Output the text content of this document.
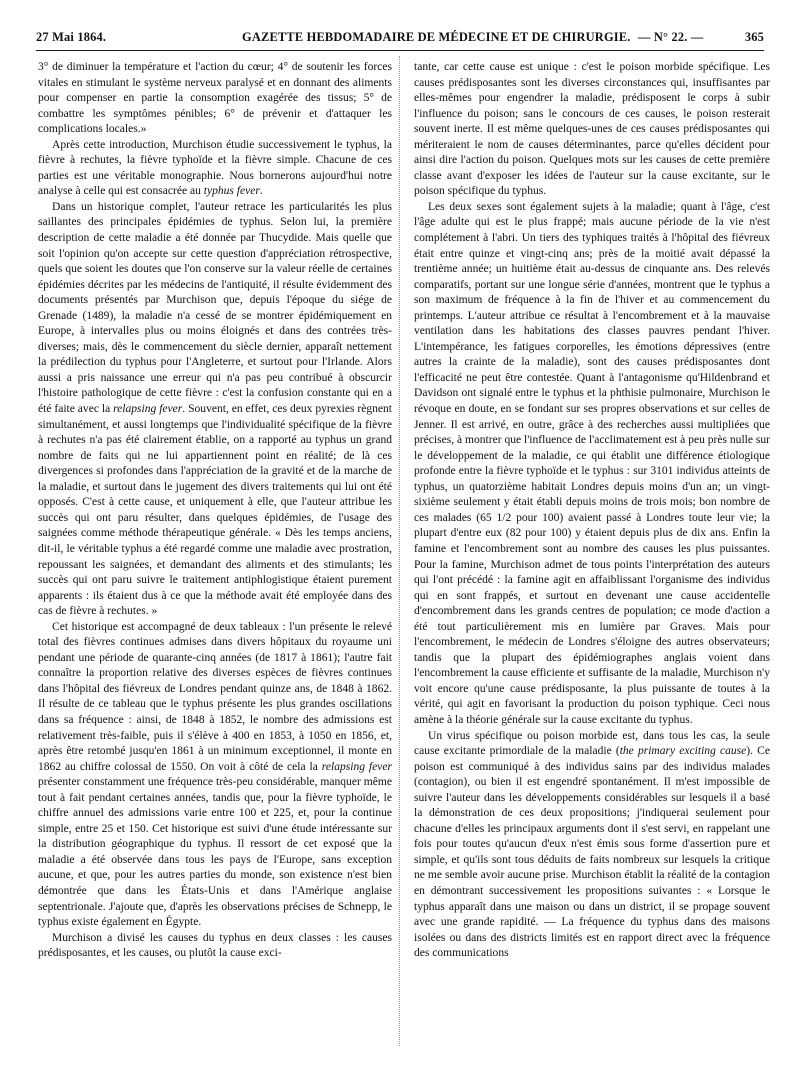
27 Mai 1864.	GAZETTE HEBDOMADAIRE DE MÉDECINE ET DE CHIRURGIE. — N° 22. —	365

3° de diminuer la température et l'action du cœur; 4° de soutenir les forces vitales en stimulant le système nerveux paralysé et en donnant des aliments pour compenser en partie la consomption exagérée des tissus; 5° de combattre les symptômes pénibles; 6° de prévenir et d'attaquer les complications locales.»

Après cette introduction, Murchison étudie successivement le typhus, la fièvre à rechutes, la fièvre typhoïde et la fièvre simple. Chacune de ces parties est une véritable monographie. Nous bornerons aujourd'hui notre analyse à celle qui est consacrée au typhus fever.

Dans un historique complet, l'auteur retrace les particularités les plus saillantes des principales épidémies de typhus. Selon lui, la première description de cette maladie a été donnée par Thucydide. Mais quelle que soit l'opinion qu'on accepte sur cette question d'appréciation rétrospective, quels que soient les doutes que l'on conserve sur la valeur réelle de certaines épidémies décrites par les médecins de l'antiquité, il résulte évidemment des documents présentés par Murchison que, depuis l'époque du siége de Grenade (1489), la maladie n'a cessé de se montrer épidémiquement en Europe, à intervalles plus ou moins éloignés et dans des contrées très-diverses; mais, dès le commencement du siècle dernier, apparaît nettement la prédilection du typhus pour l'Angleterre, et surtout pour l'Irlande. Alors aussi a pris naissance une erreur qui n'a pas peu contribué à obscurcir l'histoire pathologique de cette fièvre : c'est la confusion constante qui en a été faite avec la relapsing fever. Souvent, en effet, ces deux pyrexies règnent simultanément, et aussi longtemps que l'individualité spécifique de la fièvre à rechutes n'a pas été clairement établie, on a rapporté au typhus un grand nombre de faits qui ne lui appartiennent point en réalité; de là ces divergences si profondes dans l'appréciation de la gravité et de la marche de la maladie, et surtout dans le jugement des divers traitements qui lui ont été opposés. C'est à cette cause, et uniquement à elle, que l'auteur attribue les succès qui ont paru résulter, dans quelques épidémies, de l'usage des saignées comme méthode thérapeutique générale. « Dès les temps anciens, dit-il, le véritable typhus a été regardé comme une maladie avec prostration, repoussant les saignées, et demandant des aliments et des stimulants; les succès qui ont paru suivre le traitement antiphlogistique étaient purement apparents : ils étaient dus à ce que la méthode avait été employée dans des cas de fièvre à rechutes. »

Cet historique est accompagné de deux tableaux : l'un présente le relevé total des fièvres continues admises dans divers hôpitaux du royaume uni pendant une période de quarante-cinq années (de 1817 à 1861); l'autre fait connaître la proportion relative des diverses espèces de fièvres continues dans l'hôpital des fiévreux de Londres pendant quinze ans, de 1848 à 1862. Il résulte de ce tableau que le typhus présente les plus grandes oscillations dans sa fréquence : ainsi, de 1848 à 1852, le nombre des admissions est relativement très-faible, puis il s'élève à 400 en 1853, à 1050 en 1856, et, après être retombé jusqu'en 1861 à un minimum exceptionnel, il monte en 1862 au chiffre colossal de 1550. On voit à côté de cela la relapsing fever présenter constamment une fréquence très-peu considérable, manquer même tout à fait pendant certaines années, tandis que, pour la fièvre typhoïde, le chiffre annuel des admissions varie entre 100 et 225, et, pour la continue simple, entre 25 et 150. Cet historique est suivi d'une étude intéressante sur la distribution géographique du typhus. Il ressort de cet exposé que la maladie a été observée dans tous les pays de l'Europe, sans exception aucune, et que, pour les autres parties du monde, son existence n'est bien démontrée que dans les États-Unis et dans l'Amérique anglaise septentrionale. J'ajoute que, d'après les observations précises de Schnepp, le typhus existe également en Égypte.

Murchison a divisé les causes du typhus en deux classes : les causes prédisposantes, et les causes, ou plutôt la cause exci-

tante, car cette cause est unique : c'est le poison morbide spécifique. Les causes prédisposantes sont les diverses circonstances qui, insuffisantes par elles-mêmes pour engendrer la maladie, prédisposent le corps à subir l'influence du poison; sans le concours de ces causes, le poison resterait souvent inerte. Il est même quelques-unes de ces causes prédisposantes qui mériteraient le nom de causes déterminantes, parce qu'elles décident pour ainsi dire l'action du poison. Quelques mots sur les causes de cette première classe avant d'exposer les idées de l'auteur sur la cause excitante, sur le poison spécifique du typhus.

Les deux sexes sont également sujets à la maladie; quant à l'âge, c'est l'âge adulte qui est le plus frappé; mais aucune période de la vie n'est complétement à l'abri. Un tiers des typhiques traités à l'hôpital des fiévreux était entre quinze et vingt-cinq ans; près de la moitié avait dépassé la trentième année; un huitième était au-dessus de cinquante ans. Des relevés comparatifs, portant sur une longue série d'années, montrent que le typhus a son maximum de fréquence à la fin de l'hiver et au commencement du printemps. L'auteur attribue ce résultat à l'encombrement et à la mauvaise ventilation dans les habitations des classes pauvres pendant l'hiver. L'intempérance, les fatigues corporelles, les émotions dépressives (entre autres la crainte de la maladie), sont des causes prédisposantes dont l'efficacité ne peut être contestée. Quant à l'antagonisme qu'Hildenbrand et Davidson ont signalé entre le typhus et la phthisie pulmonaire, Murchison le révoque en doute, en se fondant sur ses propres observations et sur celles de Jenner. Il est arrivé, en outre, grâce à des recherches aussi multipliées que précises, à montrer que l'influence de l'acclimatement est à peu près nulle sur le développement de la maladie, ce qui établit une différence étiologique profonde entre la fièvre typhoïde et le typhus : sur 3101 individus atteints de typhus, un quatorzième habitait Londres depuis moins d'un an; un vingt-sixième seulement y était établi depuis moins de trois mois; bon nombre de ces malades (65 1/2 pour 100) avaient passé à Londres toute leur vie; la plupart d'entre eux (82 pour 100) y étaient depuis plus de dix ans. Enfin la famine et l'encombrement sont au nombre des causes les plus puissantes. Pour la famine, Murchison admet de tous points l'interprétation des auteurs qui l'ont précédé : la famine agit en affaiblissant l'organisme des individus qui en sont frappés, et surtout en devenant une cause accidentelle d'encombrement dans les grands centres de population; ce mode d'action a été tout particulièrement mis en lumière par Graves. Mais pour l'encombrement, le médecin de Londres s'éloigne des autres observateurs; tandis que la plupart des épidémiographes anglais voient dans l'encombrement la cause efficiente et suffisante de la maladie, Murchison n'y voit encore qu'une cause prédisposante, la plus puissante de toutes à la vérité, qui agit en favorisant la production du poison typhique. Ceci nous amène à la théorie générale sur la cause excitante du typhus.

Un virus spécifique ou poison morbide est, dans tous les cas, la seule cause excitante primordiale de la maladie (the primary exciting cause). Ce poison est communiqué à des individus sains par des individus malades (contagion), ou bien il est engendré spontanément. Il m'est impossible de suivre l'auteur dans les développements considérables sur lesquels il a basé la démonstration de ces deux propositions; j'indiquerai seulement pour chacune d'elles les principaux arguments dont il s'est servi, en rappelant une fois pour toutes qu'aucun d'eux n'est émis sous forme d'assertion pure et simple, et qu'ils sont tous déduits de faits nombreux sur lesquels la critique ne me semble avoir aucune prise. Murchison établit la réalité de la contagion en démontrant successivement les propositions suivantes : « Lorsque le typhus apparaît dans une maison ou dans un district, il se propage souvent avec une grande rapidité. — La fréquence du typhus dans des maisons isolées ou dans des districts limités est en rapport direct avec la fréquence des communications
